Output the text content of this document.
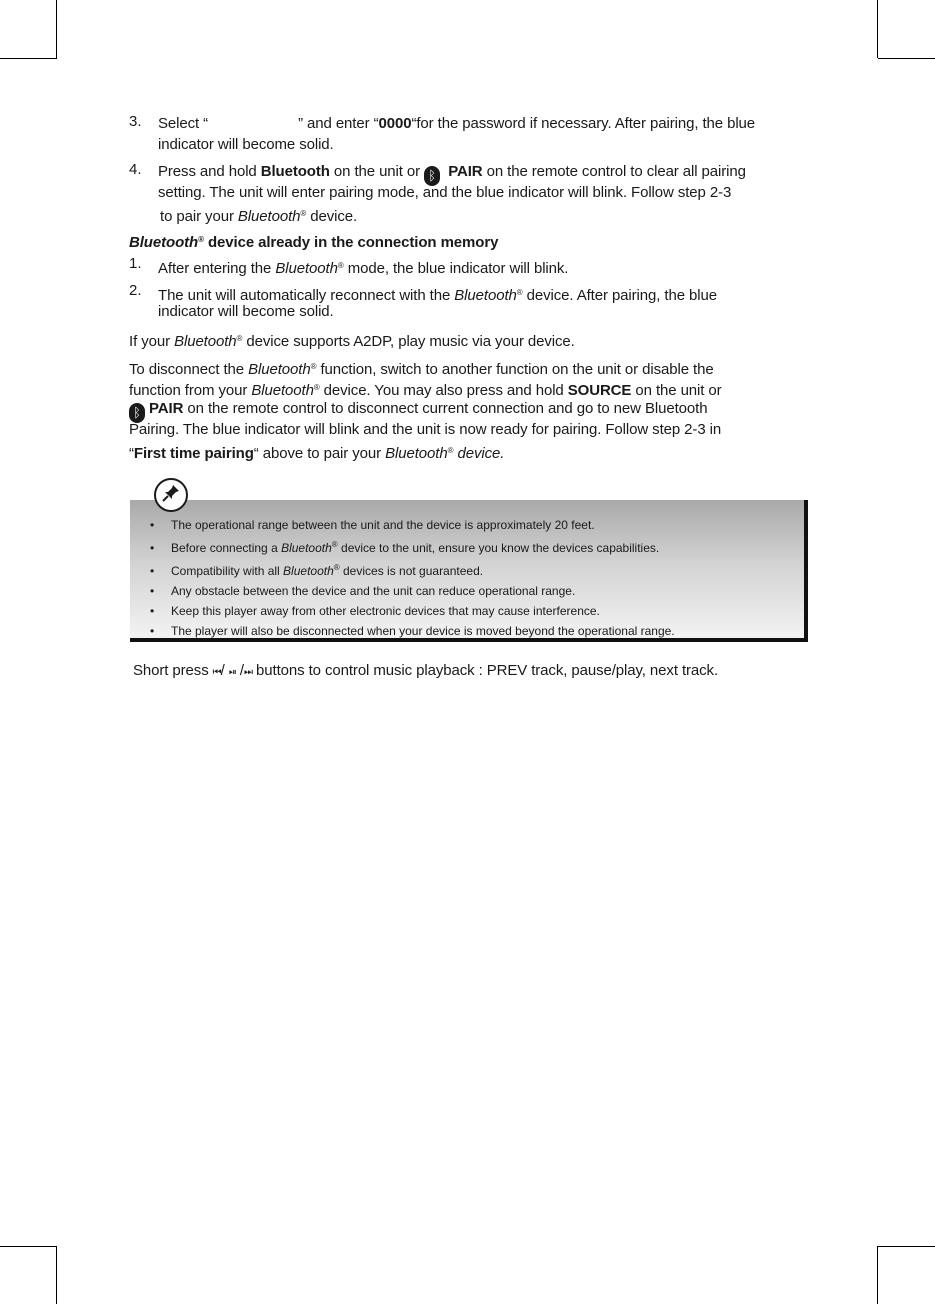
3. Select “	” and enter “0000“for the password if necessary. After pairing, the blue
indicator will become solid.
4. Press and hold Bluetooth on the unit or ᛒ PAIR on the remote control to clear all pairing
setting. The unit will enter pairing mode, and the blue indicator will blink. Follow step 2-3
to pair your Bluetooth® device.
Bluetooth® device already in the connection memory
1. After entering the Bluetooth® mode, the blue indicator will blink.
2. The unit will automatically reconnect with the Bluetooth® device. After pairing, the blue
indicator will become solid.
If your Bluetooth® device supports A2DP, play music via your device.
To disconnect the Bluetooth® function, switch to another function on the unit or disable the
function from your Bluetooth® device. You may also press and hold SOURCE on the unit or
ᛒ PAIR on the remote control to disconnect current connection and go to new Bluetooth
Pairing. The blue indicator will blink and the unit is now ready for pairing. Follow step 2-3 in
“First time pairing“ above to pair your Bluetooth® device.
• The operational range between the unit and the device is approximately 20 feet.
• Before connecting a Bluetooth® device to the unit, ensure you know the devices capabilities.
• Compatibility with all Bluetooth® devices is not guaranteed.
• Any obstacle between the device and the unit can reduce operational range.
• Keep this player away from other electronic devices that may cause interference.
• The player will also be disconnected when your device is moved beyond the operational range.
Short press ⏮/ ⏯ /⏭ buttons to control music playback : PREV track, pause/play, next track.
